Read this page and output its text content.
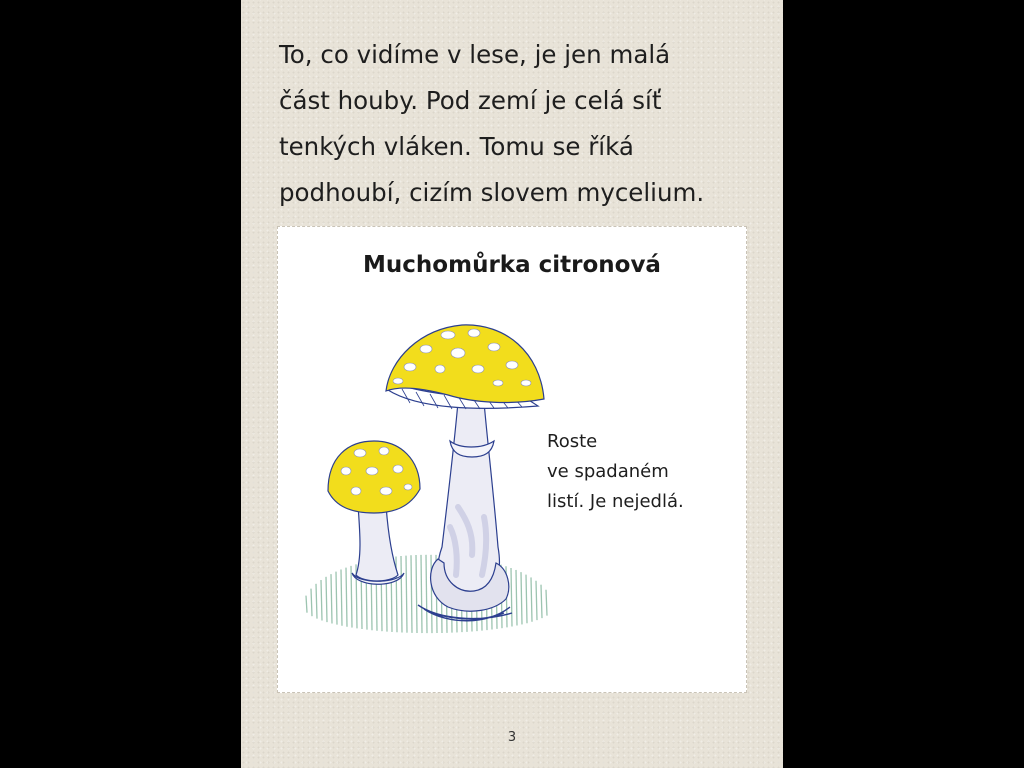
To, co vidíme v lese, je jen malá
část houby. Pod zemí je celá síť
tenkých vláken. Tomu se říká
podhoubí, cizím slovem mycelium.

Muchomůrka citronová
Roste
ve spadaném
listí. Je nejedlá.
3
